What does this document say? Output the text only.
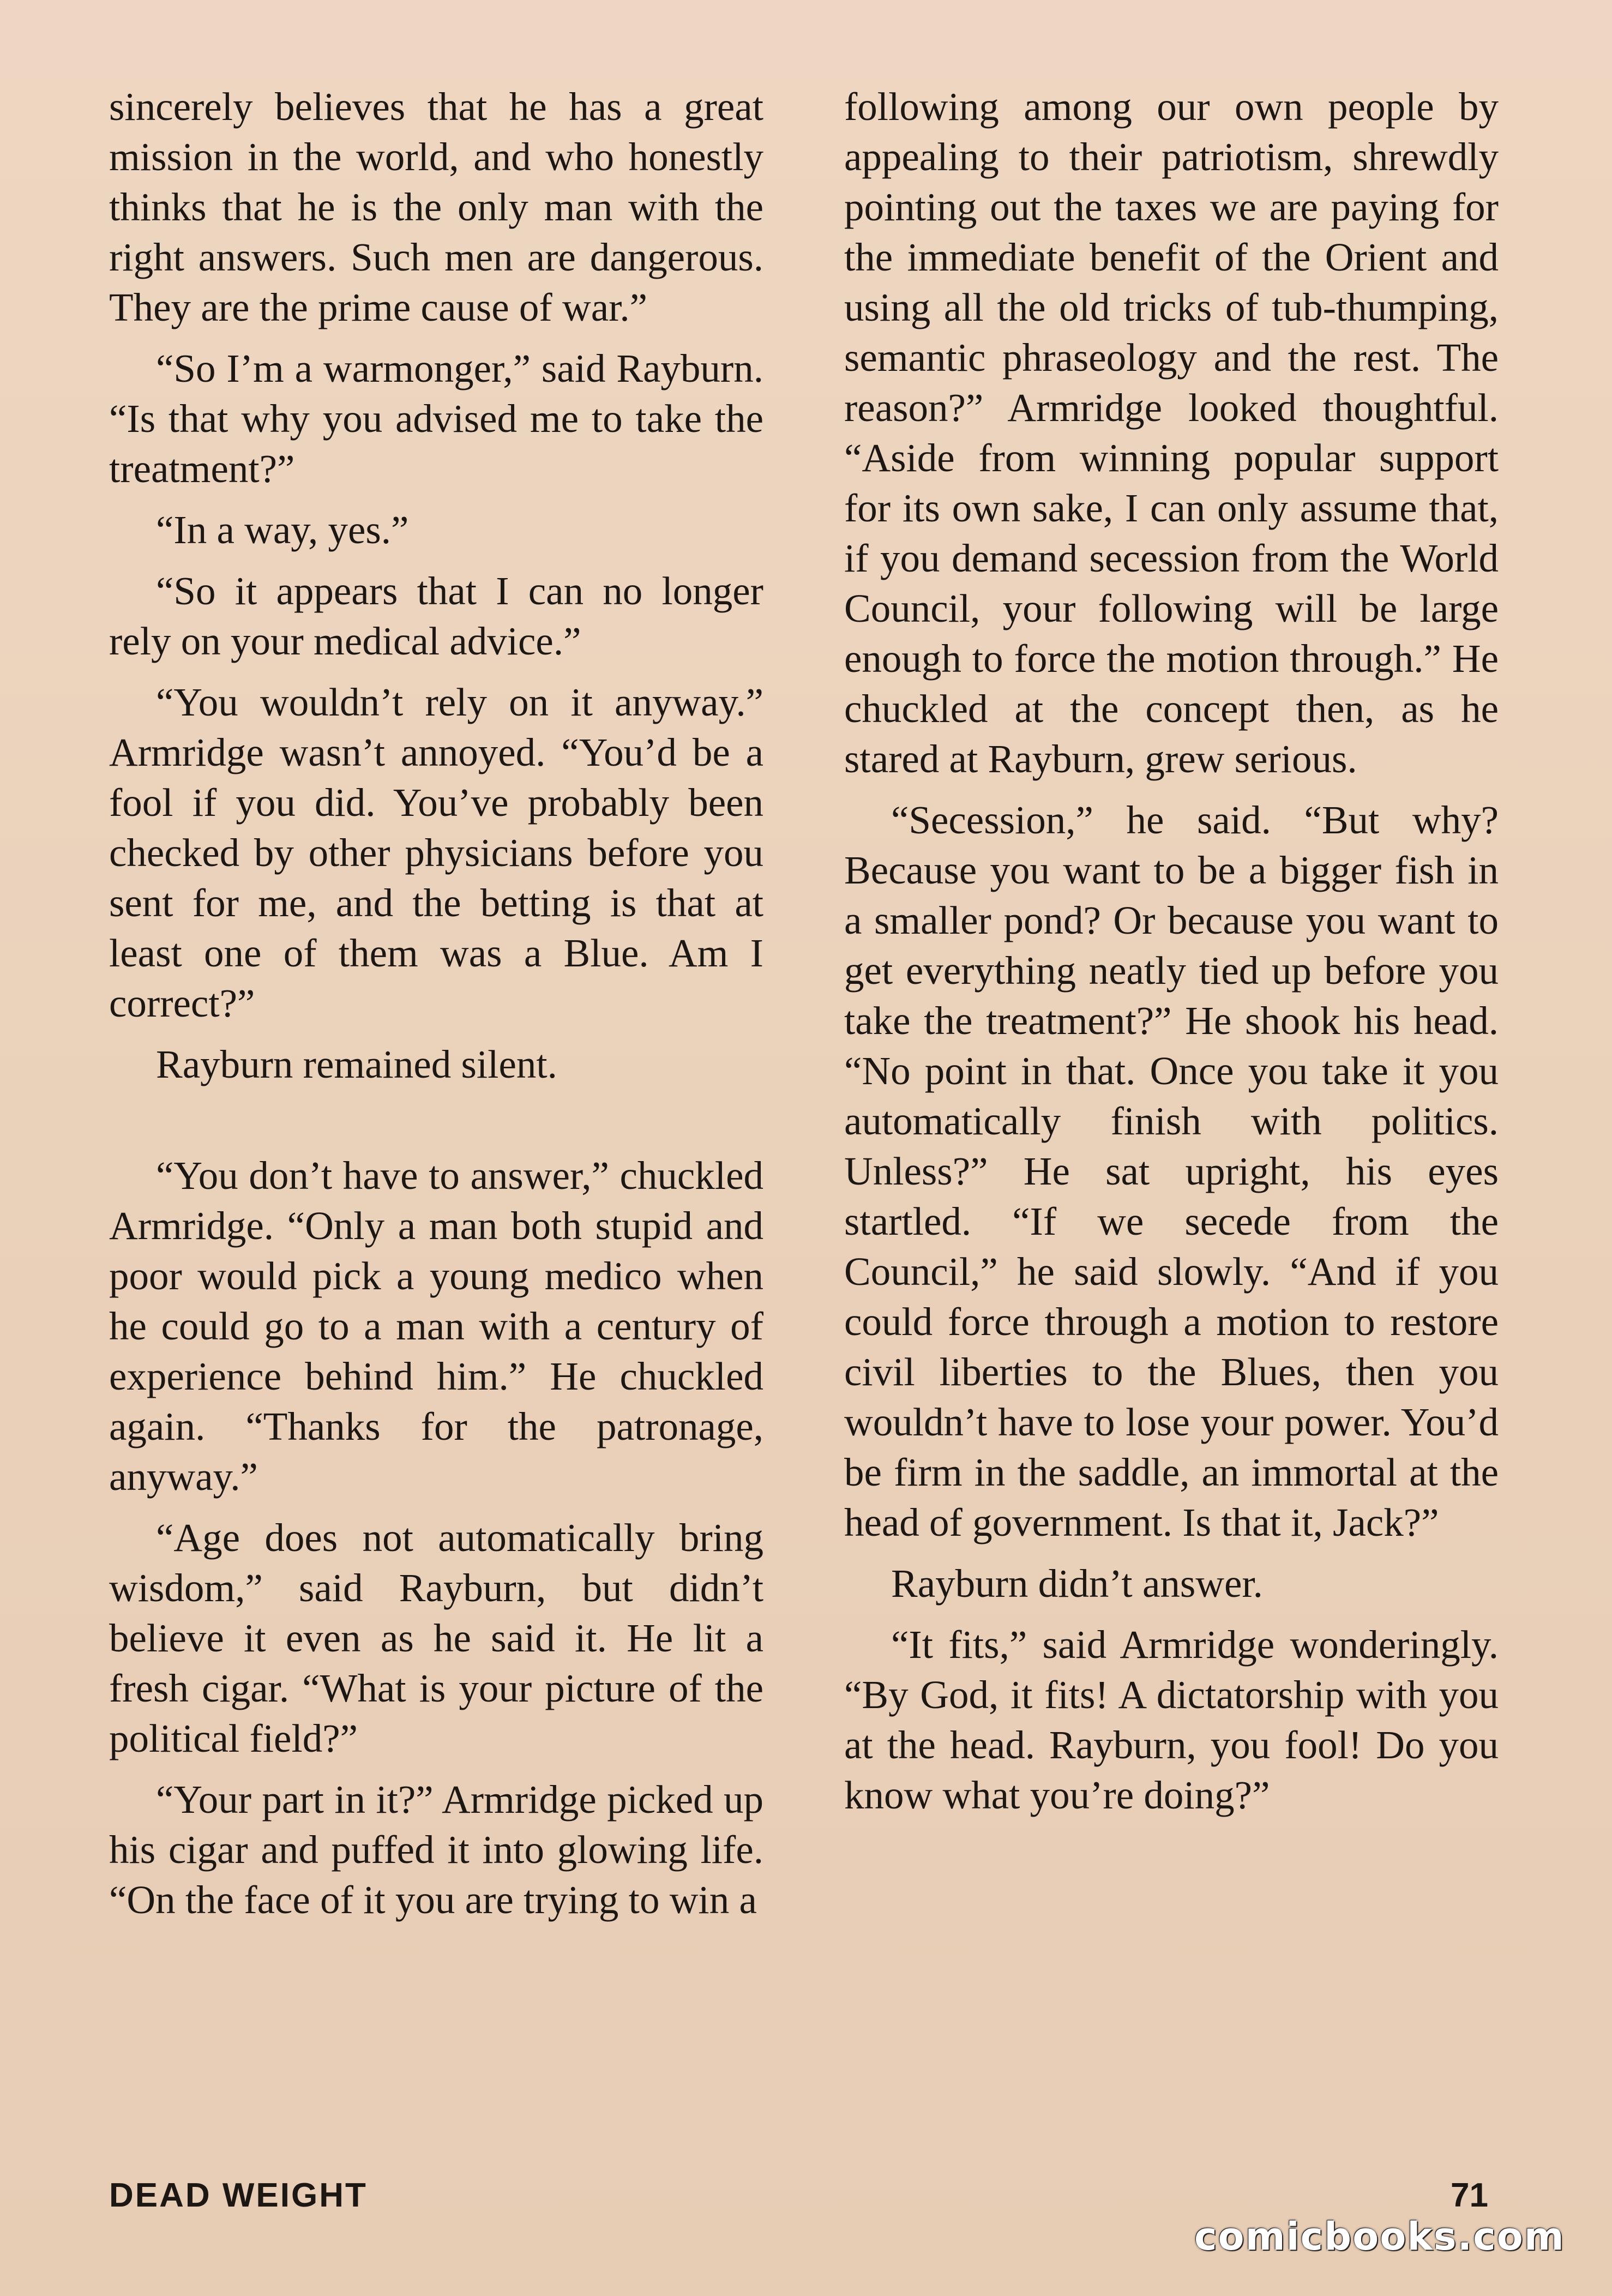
sincerely believes that he has a great mission in the world, and who honestly thinks that he is the only man with the right answers. Such men are dangerous. They are the prime cause of war.”

“So I’m a warmonger,” said Rayburn. “Is that why you advised me to take the treatment?”

“In a way, yes.”

“So it appears that I can no longer rely on your medical advice.”

“You wouldn’t rely on it anyway.” Armridge wasn’t annoyed. “You’d be a fool if you did. You’ve probably been checked by other physicians before you sent for me, and the betting is that at least one of them was a Blue. Am I correct?”

Rayburn remained silent.

“You don’t have to answer,” chuckled Armridge. “Only a man both stupid and poor would pick a young medico when he could go to a man with a century of experience behind him.” He chuckled again. “Thanks for the patronage, anyway.”

“Age does not automatically bring wisdom,” said Rayburn, but didn’t believe it even as he said it. He lit a fresh cigar. “What is your picture of the political field?”

“Your part in it?” Armridge picked up his cigar and puffed it into glowing life. “On the face of it you are trying to win a

following among our own people by appealing to their patriotism, shrewdly pointing out the taxes we are paying for the immediate benefit of the Orient and using all the old tricks of tub-thumping, semantic phraseology and the rest. The reason?” Armridge looked thoughtful. “Aside from winning popular support for its own sake, I can only assume that, if you demand secession from the World Council, your following will be large enough to force the motion through.” He chuckled at the concept then, as he stared at Rayburn, grew serious.

“Secession,” he said. “But why? Because you want to be a bigger fish in a smaller pond? Or because you want to get everything neatly tied up before you take the treatment?” He shook his head. “No point in that. Once you take it you automatically finish with politics. Unless?” He sat upright, his eyes startled. “If we secede from the Council,” he said slowly. “And if you could force through a motion to restore civil liberties to the Blues, then you wouldn’t have to lose your power. You’d be firm in the saddle, an immortal at the head of government. Is that it, Jack?”

Rayburn didn’t answer.

“It fits,” said Armridge wonderingly. “By God, it fits! A dictatorship with you at the head. Rayburn, you fool! Do you know what you’re doing?”

DEAD WEIGHT	71
comicbooks.com
